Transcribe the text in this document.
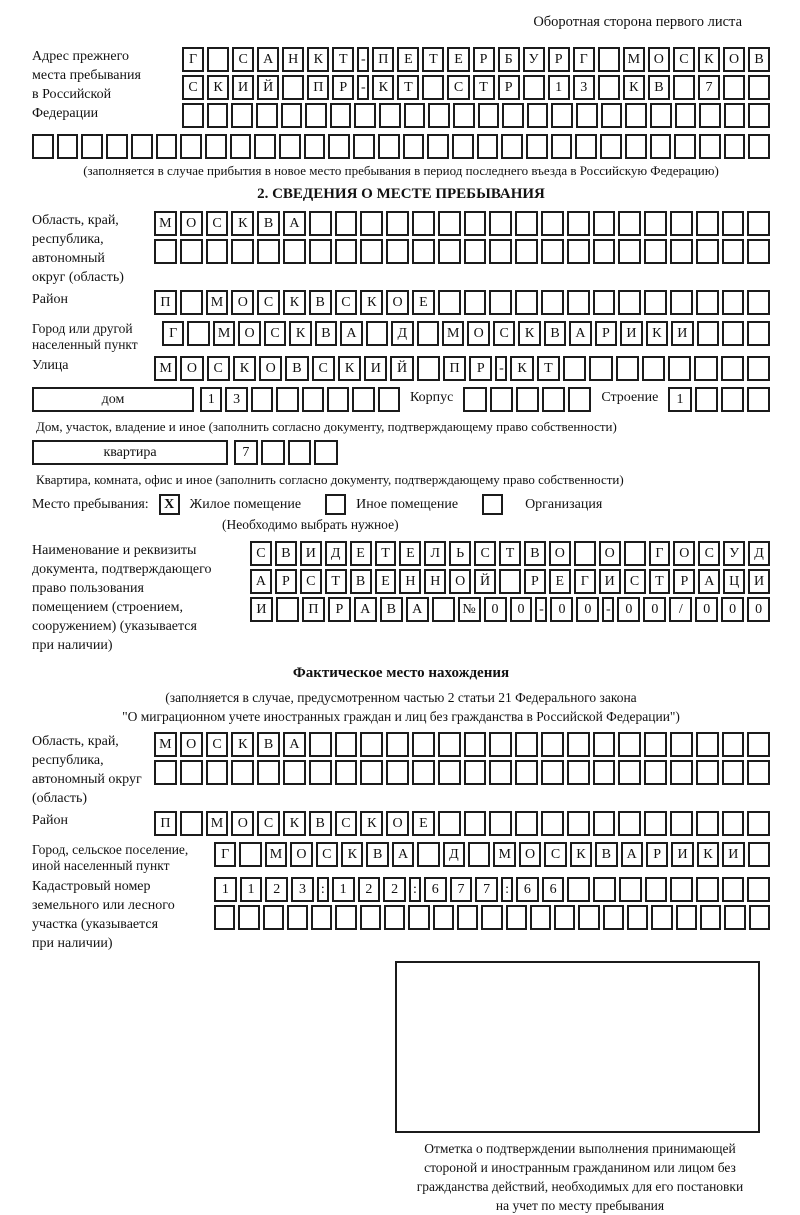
Оборотная сторона первого листа
Адрес прежнего
места пребывания
в Российской
Федерации
Г	С	А	Н	К	Т - П	Е	Т	Е	Р	Б	У	Р	Г	М О	С	К	О	В
С	К	И	Й	П	Р - К	Т	С	Т	Р	1	3	К	В	7
(заполняется в случае прибытия в новое место пребывания в период последнего въезда в Российскую Федерацию)
2. СВЕДЕНИЯ О МЕСТЕ ПРЕБЫВАНИЯ
Область, край,
республика,
автономный
округ (область)
М	О	С	К	В	А
Район	П	М	О	С	К	В	С	К	О	Е
Город или другой
населенный пункт
Г	М	О	С	К	В	А	Д	М	О	С	К	В	А	Р	И	К	И
Улица	М	О	С	К	О	В	С	К	И	Й	П	Р	- К	Т
дом	1	3	Корпус	Строение	1
Дом, участок, владение и иное (заполнить согласно документу, подтверждающему право собственности)
квартира	7
Квартира, комната, офис и иное (заполнить согласно документу, подтверждающему право собственности)
Место пребывания:	X	Жилое помещение	Иное помещение	Организация
(Необходимо выбрать нужное)
Наименование и реквизиты
документа, подтверждающего
право пользования
помещением (строением,
сооружением) (указывается
при наличии)
С	В	И	Д	Е	Т	Е	Л	Ь	С	Т	В	О	О	Г	О	С	У	Д
А	Р	С	Т	В	Е	Н	Н	О	Й	Р	Е	Г	И	С	Т	Р	А	Ц	И
И	П	Р	А	В	А	№	0	0	-	0	0	-	0	0	/	0	0	0
Фактическое место нахождения
(заполняется в случае, предусмотренном частью 2 статьи 21 Федерального закона
"О миграционном учете иностранных граждан и лиц без гражданства в Российской Федерации")
Область, край,
республика,
автономный округ
(область)
М	О	С	К	В	А
Район	П	М	О	С	К	В	С	К	О	Е
Город, сельское поселение,
иной населенный пункт
Г	М	О	С	К	В	А	Д	М	О	С	К	В	А	Р	И	К	И
Кадастровый номер
земельного или лесного
участка (указывается
при наличии)
1	1	2	3	:	1	2	2	:	6	7	7	:	6	6
Отметка о подтверждении выполнения принимающей
стороной и иностранным гражданином или лицом без
гражданства действий, необходимых для его постановки
на учет по месту пребывания
